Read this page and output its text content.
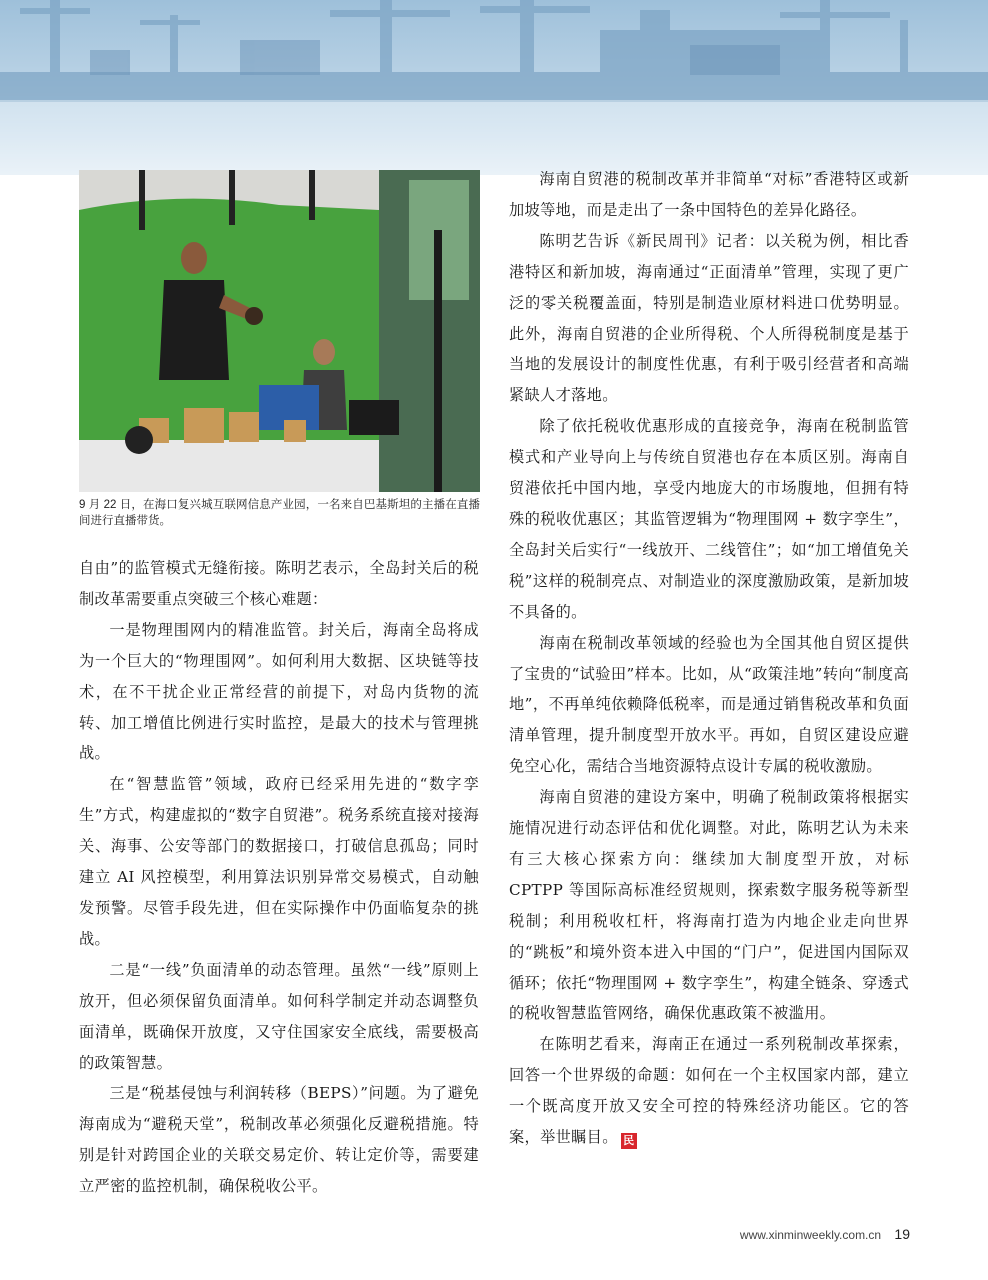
9 月 22 日，在海口复兴城互联网信息产业园，一名来自巴基斯坦的主播在直播间进行直播带货。

自由”的监管模式无缝衔接。陈明艺表示，全岛封关后的税制改革需要重点突破三个核心难题：

一是物理围网内的精准监管。封关后，海南全岛将成为一个巨大的“物理围网”。如何利用大数据、区块链等技术，在不干扰企业正常经营的前提下，对岛内货物的流转、加工增值比例进行实时监控，是最大的技术与管理挑战。

在“智慧监管”领域，政府已经采用先进的“数字孪生”方式，构建虚拟的“数字自贸港”。税务系统直接对接海关、海事、公安等部门的数据接口，打破信息孤岛；同时建立 AI 风控模型，利用算法识别异常交易模式，自动触发预警。尽管手段先进，但在实际操作中仍面临复杂的挑战。

二是“一线”负面清单的动态管理。虽然“一线”原则上放开，但必须保留负面清单。如何科学制定并动态调整负面清单，既确保开放度，又守住国家安全底线，需要极高的政策智慧。

三是“税基侵蚀与利润转移（BEPS）”问题。为了避免海南成为“避税天堂”，税制改革必须强化反避税措施。特别是针对跨国企业的关联交易定价、转让定价等，需要建立严密的监控机制，确保税收公平。

海南自贸港的税制改革并非简单“对标”香港特区或新加坡等地，而是走出了一条中国特色的差异化路径。

陈明艺告诉《新民周刊》记者：以关税为例，相比香港特区和新加坡，海南通过“正面清单”管理，实现了更广泛的零关税覆盖面，特别是制造业原材料进口优势明显。此外，海南自贸港的企业所得税、个人所得税制度是基于当地的发展设计的制度性优惠，有利于吸引经营者和高端紧缺人才落地。

除了依托税收优惠形成的直接竞争，海南在税制监管模式和产业导向上与传统自贸港也存在本质区别。海南自贸港依托中国内地，享受内地庞大的市场腹地，但拥有特殊的税收优惠区；其监管逻辑为“物理围网 + 数字孪生”，全岛封关后实行“一线放开、二线管住”；如“加工增值免关税”这样的税制亮点、对制造业的深度激励政策，是新加坡不具备的。

海南在税制改革领域的经验也为全国其他自贸区提供了宝贵的“试验田”样本。比如，从“政策洼地”转向“制度高地”，不再单纯依赖降低税率，而是通过销售税改革和负面清单管理，提升制度型开放水平。再如，自贸区建设应避免空心化，需结合当地资源特点设计专属的税收激励。

海南自贸港的建设方案中，明确了税制政策将根据实施情况进行动态评估和优化调整。对此，陈明艺认为未来有三大核心探索方向：继续加大制度型开放，对标 CPTPP 等国际高标准经贸规则，探索数字服务税等新型税制；利用税收杠杆，将海南打造为内地企业走向世界的“跳板”和境外资本进入中国的“门户”，促进国内国际双循环；依托“物理围网 + 数字孪生”，构建全链条、穿透式的税收智慧监管网络，确保优惠政策不被滥用。

在陈明艺看来，海南正在通过一系列税制改革探索，回答一个世界级的命题：如何在一个主权国家内部，建立一个既高度开放又安全可控的特殊经济功能区。它的答案，举世瞩目。 民

www.xinminweekly.com.cn 19
